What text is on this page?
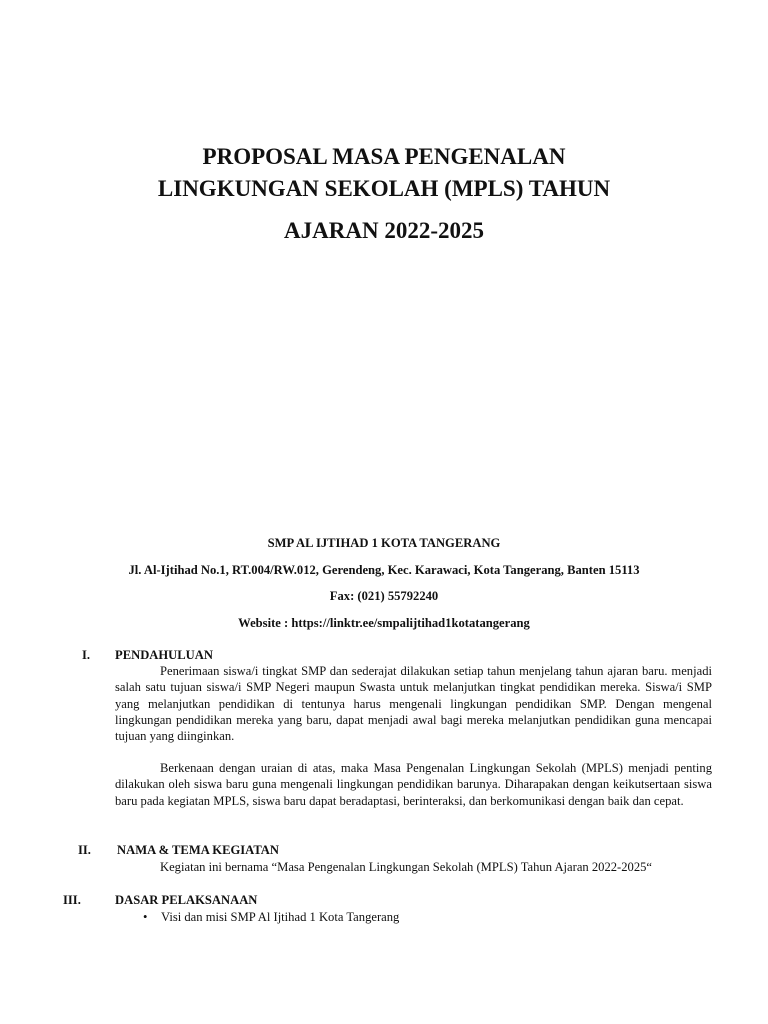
PROPOSAL MASA PENGENALAN
LINGKUNGAN SEKOLAH (MPLS) TAHUN
AJARAN 2022-2025

SMP AL IJTIHAD 1 KOTA TANGERANG

Jl. Al-Ijtihad No.1, RT.004/RW.012, Gerendeng, Kec. Karawaci, Kota Tangerang, Banten 15113

Fax: (021) 55792240

Website : https://linktr.ee/smpalijtihad1kotatangerang

I. PENDAHULUAN

Penerimaan siswa/i tingkat SMP dan sederajat dilakukan setiap tahun menjelang tahun ajaran baru. menjadi salah satu tujuan siswa/i SMP Negeri maupun Swasta untuk melanjutkan tingkat pendidikan mereka. Siswa/i SMP yang melanjutkan pendidikan di tentunya harus mengenali lingkungan pendidikan SMP. Dengan mengenal lingkungan pendidikan mereka yang baru, dapat menjadi awal bagi mereka melanjutkan pendidikan guna mencapai tujuan yang diinginkan.

Berkenaan dengan uraian di atas, maka Masa Pengenalan Lingkungan Sekolah (MPLS) menjadi penting dilakukan oleh siswa baru guna mengenali lingkungan pendidikan barunya. Diharapakan dengan keikutsertaan siswa baru pada kegiatan MPLS, siswa baru dapat beradaptasi, berinteraksi, dan berkomunikasi dengan baik dan cepat.

II. NAMA & TEMA KEGIATAN

Kegiatan ini bernama “Masa Pengenalan Lingkungan Sekolah (MPLS) Tahun Ajaran 2022-2025“

III.	DASAR PELAKSANAAN
• Visi dan misi SMP Al Ijtihad 1 Kota Tangerang
